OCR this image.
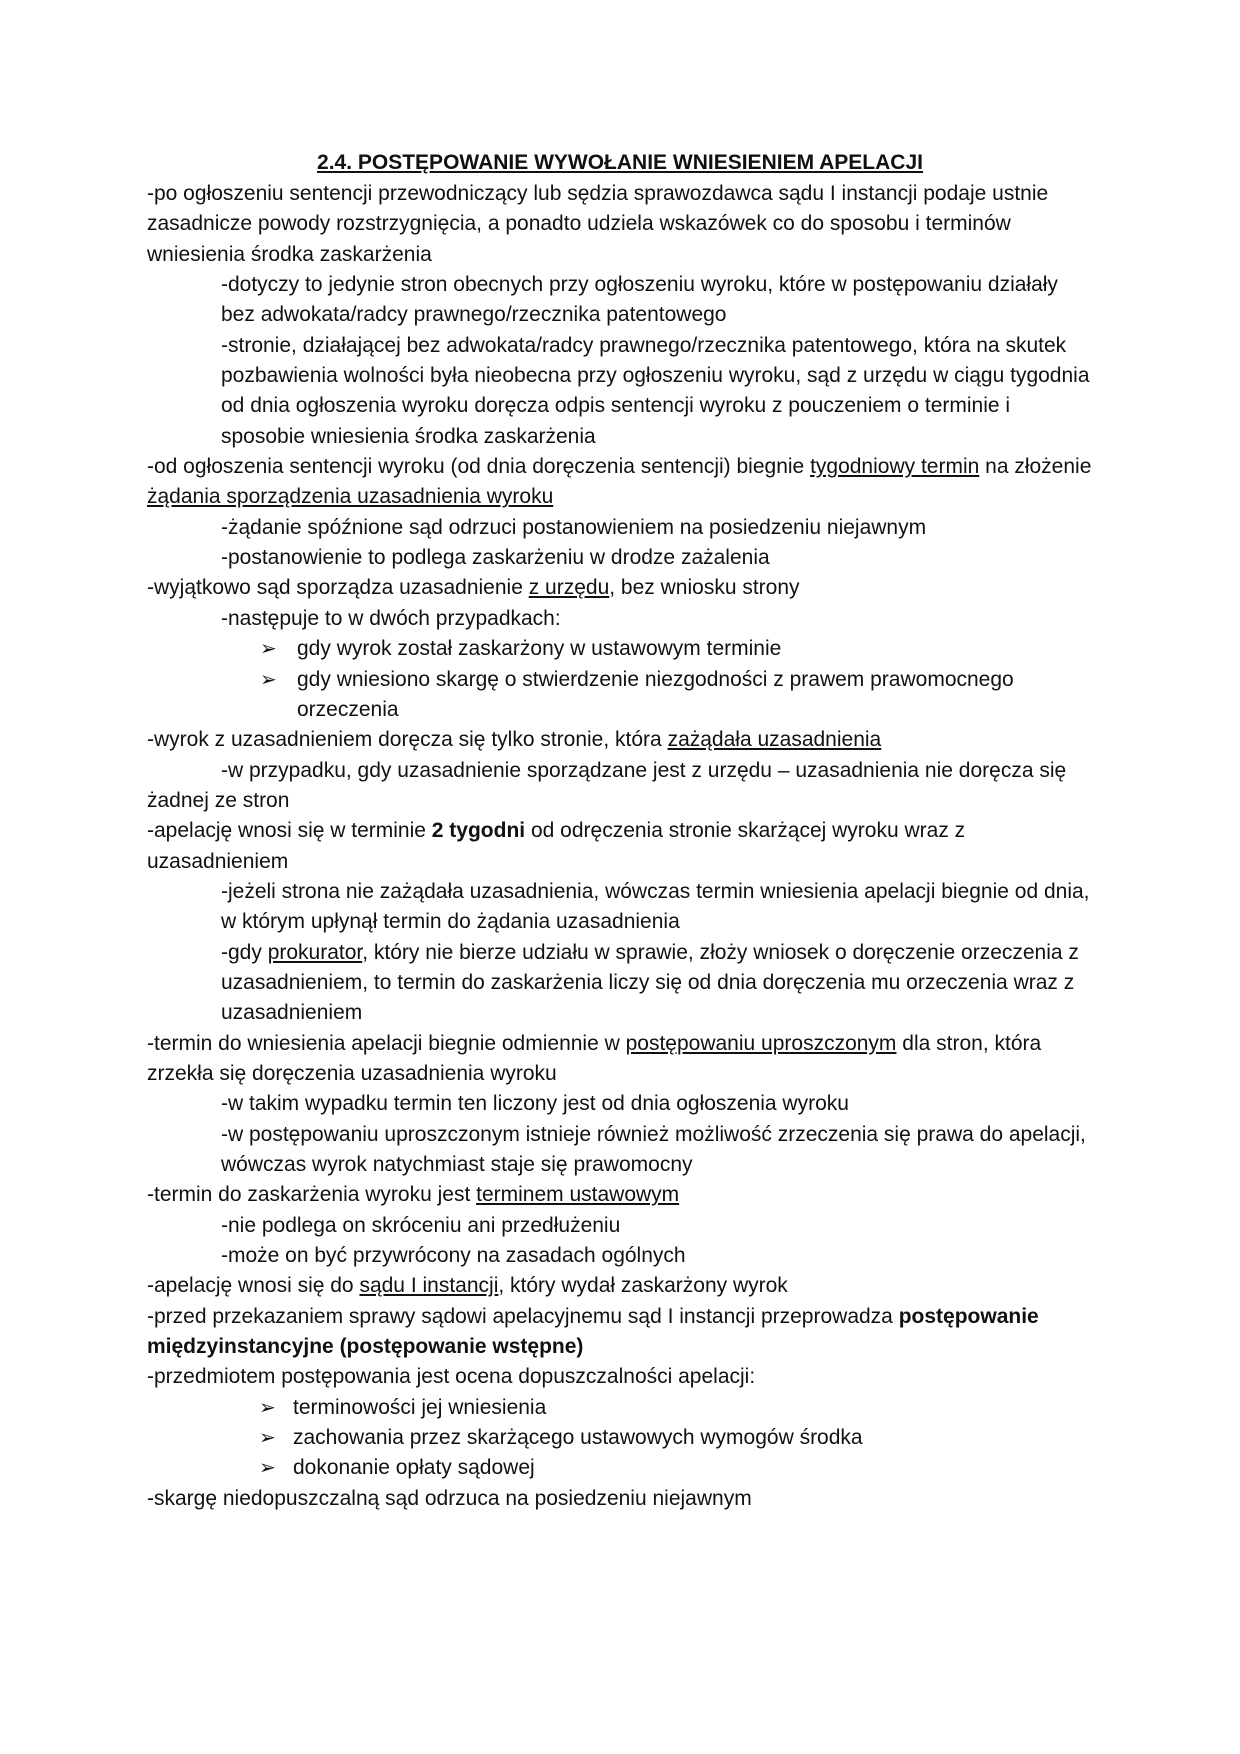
2.4. POSTĘPOWANIE WYWOŁANIE WNIESIENIEM APELACJI

-po ogłoszeniu sentencji przewodniczący lub sędzia sprawozdawca sądu I instancji podaje ustnie zasadnicze powody rozstrzygnięcia, a ponadto udziela wskazówek co do sposobu i terminów wniesienia środka zaskarżenia

-dotyczy to jedynie stron obecnych przy ogłoszeniu wyroku, które w postępowaniu działały bez adwokata/radcy prawnego/rzecznika patentowego

-stronie, działającej bez adwokata/radcy prawnego/rzecznika patentowego, która na skutek pozbawienia wolności była nieobecna przy ogłoszeniu wyroku, sąd z urzędu w ciągu tygodnia od dnia ogłoszenia wyroku doręcza odpis sentencji wyroku z pouczeniem o terminie i sposobie wniesienia środka zaskarżenia

-od ogłoszenia sentencji wyroku (od dnia doręczenia sentencji) biegnie tygodniowy termin na złożenie żądania sporządzenia uzasadnienia wyroku

-żądanie spóźnione sąd odrzuci postanowieniem na posiedzeniu niejawnym

-postanowienie to podlega zaskarżeniu w drodze zażalenia

-wyjątkowo sąd sporządza uzasadnienie z urzędu, bez wniosku strony

-następuje to w dwóch przypadkach:

➢ gdy wyrok został zaskarżony w ustawowym terminie

➢ gdy wniesiono skargę o stwierdzenie niezgodności z prawem prawomocnego orzeczenia

-wyrok z uzasadnieniem doręcza się tylko stronie, która zażądała uzasadnienia

-w przypadku, gdy uzasadnienie sporządzane jest z urzędu – uzasadnienia nie doręcza się żadnej ze stron

-apelację wnosi się w terminie 2 tygodni od odręczenia stronie skarżącej wyroku wraz z uzasadnieniem

-jeżeli strona nie zażądała uzasadnienia, wówczas termin wniesienia apelacji biegnie od dnia, w którym upłynął termin do żądania uzasadnienia

-gdy prokurator, który nie bierze udziału w sprawie, złoży wniosek o doręczenie orzeczenia z uzasadnieniem, to termin do zaskarżenia liczy się od dnia doręczenia mu orzeczenia wraz z uzasadnieniem

-termin do wniesienia apelacji biegnie odmiennie w postępowaniu uproszczonym dla stron, która zrzekła się doręczenia uzasadnienia wyroku

-w takim wypadku termin ten liczony jest od dnia ogłoszenia wyroku

-w postępowaniu uproszczonym istnieje również możliwość zrzeczenia się prawa do apelacji, wówczas wyrok natychmiast staje się prawomocny

-termin do zaskarżenia wyroku jest terminem ustawowym

-nie podlega on skróceniu ani przedłużeniu

-może on być przywrócony na zasadach ogólnych

-apelację wnosi się do sądu I instancji, który wydał zaskarżony wyrok

-przed przekazaniem sprawy sądowi apelacyjnemu sąd I instancji przeprowadza postępowanie międzyinstancyjne (postępowanie wstępne)

-przedmiotem postępowania jest ocena dopuszczalności apelacji:

➢ terminowości jej wniesienia

➢ zachowania przez skarżącego ustawowych wymogów środka

➢ dokonanie opłaty sądowej

-skargę niedopuszczalną sąd odrzuca na posiedzeniu niejawnym
